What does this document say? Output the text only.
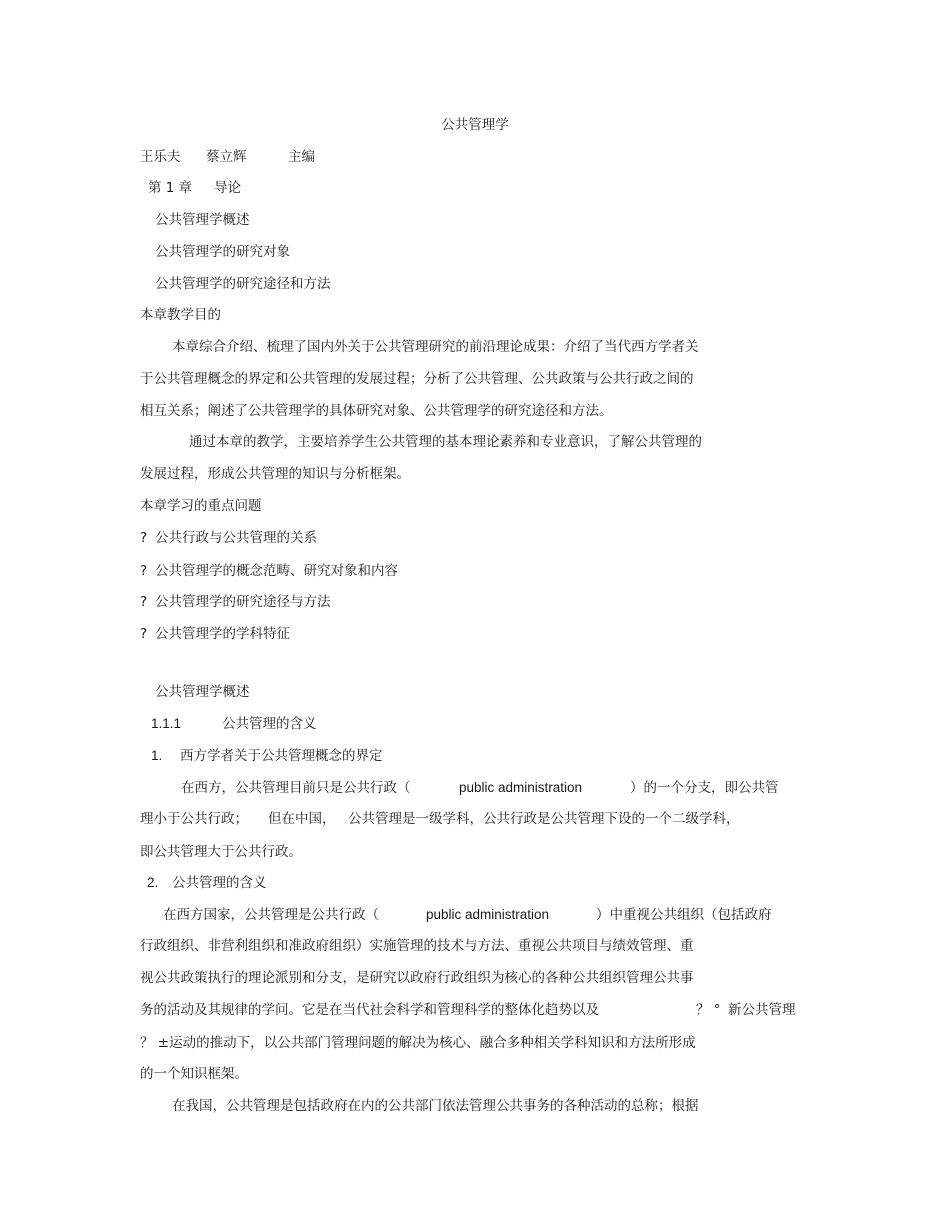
公共管理学
王乐夫 蔡立辉	主编
第 1 章 导论
公共管理学概述
公共管理学的研究对象
公共管理学的研究途径和方法
本章教学目的
本章综合介绍、梳理了国内外关于公共管理研究的前沿理论成果：介绍了当代西方学者关
于公共管理概念的界定和公共管理的发展过程；分析了公共管理、公共政策与公共行政之间的
相互关系；阐述了公共管理学的具体研究对象、公共管理学的研究途径和方法。
通过本章的教学，主要培养学生公共管理的基本理论素养和专业意识，了解公共管理的
发展过程，形成公共管理的知识与分析框架。
本章学习的重点问题
? 公共行政与公共管理的关系
? 公共管理学的概念范畴、研究对象和内容
? 公共管理学的研究途径与方法
? 公共管理学的学科特征
公共管理学概述
1.1.1	公共管理的含义
1. 西方学者关于公共管理概念的界定
在西方，公共管理目前只是公共行政（	public administration	）的一个分支，即公共管
理小于公共行政； 但在中国， 公共管理是一级学科，公共行政是公共管理下设的一个二级学科，
即公共管理大于公共行政。
2. 公共管理的含义
在西方国家，公共管理是公共行政（	public administration	）中重视公共组织（包括政府
行政组织、非营利组织和准政府组织）实施管理的技术与方法、重视公共项目与绩效管理、重
视公共政策执行的理论派别和分支，是研究以政府行政组织为核心的各种公共组织管理公共事
务的活动及其规律的学问。它是在当代社会科学和管理科学的整体化趋势以及	？ ° 新公共管理
？ ±运动的推动下，以公共部门管理问题的解决为核心、融合多种相关学科知识和方法所形成
的一个知识框架。
在我国，公共管理是包括政府在内的公共部门依法管理公共事务的各种活动的总称；根据
